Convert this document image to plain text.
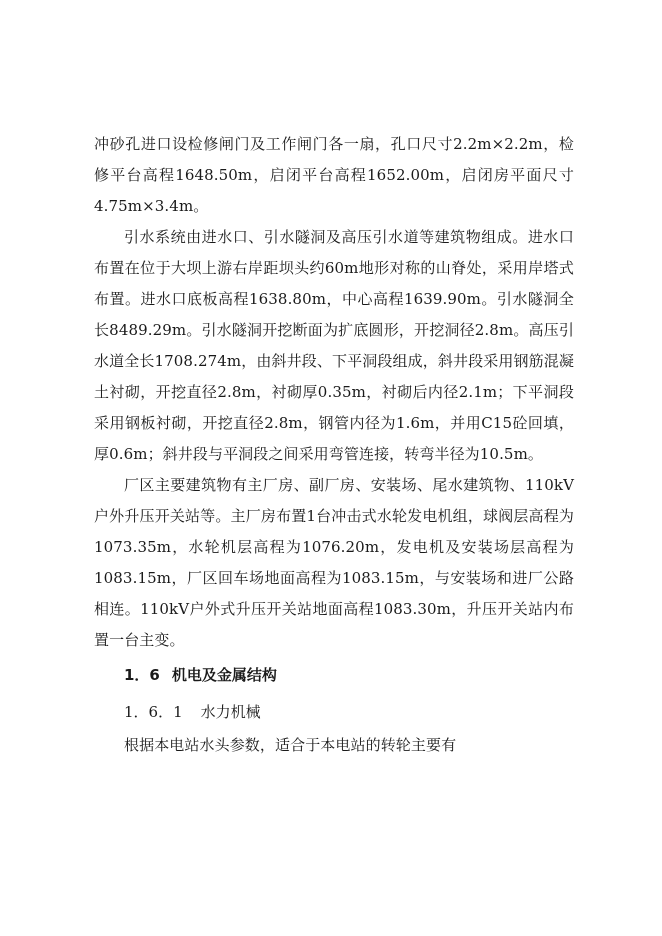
冲砂孔进口设检修闸门及工作闸门各一扇，孔口尺寸2.2m×2.2m，检修平台高程1648.50m，启闭平台高程1652.00m，启闭房平面尺寸4.75m×3.4m。

引水系统由进水口、引水隧洞及高压引水道等建筑物组成。进水口布置在位于大坝上游右岸距坝头约60m地形对称的山脊处，采用岸塔式布置。进水口底板高程1638.80m，中心高程1639.90m。引水隧洞全长8489.29m。引水隧洞开挖断面为扩底圆形，开挖洞径2.8m。高压引水道全长1708.274m，由斜井段、下平洞段组成，斜井段采用钢筋混凝土衬砌，开挖直径2.8m，衬砌厚0.35m，衬砌后内径2.1m；下平洞段采用钢板衬砌，开挖直径2.8m，钢管内径为1.6m，并用C15砼回填，厚0.6m；斜井段与平洞段之间采用弯管连接，转弯半径为10.5m。

厂区主要建筑物有主厂房、副厂房、安装场、尾水建筑物、110kV户外升压开关站等。主厂房布置1台冲击式水轮发电机组，球阀层高程为1073.35m，水轮机层高程为1076.20m，发电机及安装场层高程为1083.15m，厂区回车场地面高程为1083.15m，与安装场和进厂公路相连。110kV户外式升压开关站地面高程1083.30m，升压开关站内布置一台主变。

1．6 机电及金属结构
1．6．1 水力机械

根据本电站水头参数，适合于本电站的转轮主要有
